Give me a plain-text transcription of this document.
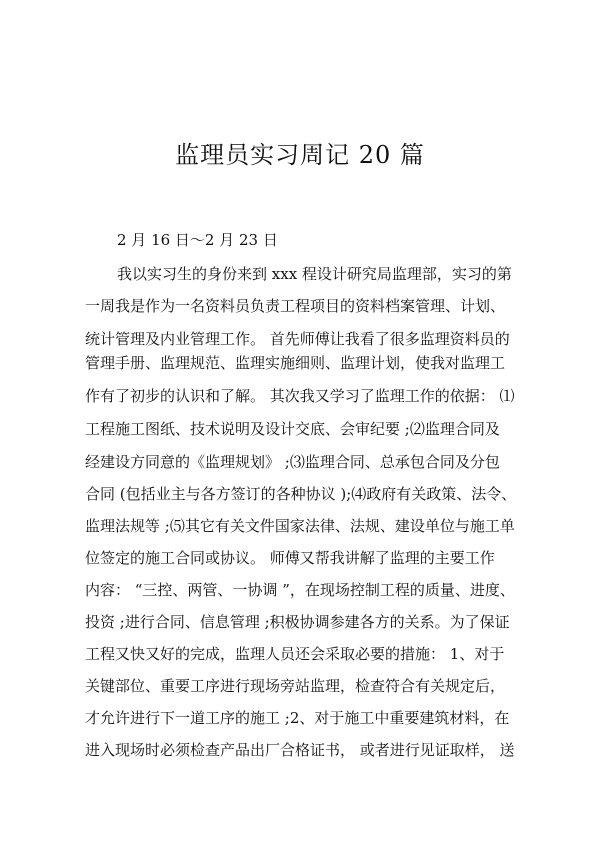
监理员实习周记 20 篇
2 月 16 日～2 月 23 日
我以实习生的身份来到 xxx 程设计研究局监理部，实习的第
一周我是作为一名资料员负责工程项目的资料档案管理、计划、
统计管理及内业管理工作。 首先师傅让我看了很多监理资料员的
管理手册、监理规范、监理实施细则、监理计划，使我对监理工
作有了初步的认识和了解。 其次我又学习了监理工作的依据： ⑴
工程施工图纸、技术说明及设计交底、会审纪要 ;⑵监理合同及
经建设方同意的《监理规划》 ;⑶监理合同、总承包合同及分包
合同 (包括业主与各方签订的各种协议 );⑷政府有关政策、法令、
监理法规等 ;⑸其它有关文件国家法律、法规、建设单位与施工单
位签定的施工合同或协议。 师傅又帮我讲解了监理的主要工作
内容： “三控、两管、一协调 ”，在现场控制工程的质量、进度、
投资 ;进行合同、信息管理 ;积极协调参建各方的关系。为了保证
工程又快又好的完成，监理人员还会采取必要的措施： 1、对于
关键部位、重要工序进行现场旁站监理，检查符合有关规定后，
才允许进行下一道工序的施工 ;2、对于施工中重要建筑材料，在
进入现场时必须检查产品出厂合格证书， 或者进行见证取样， 送
